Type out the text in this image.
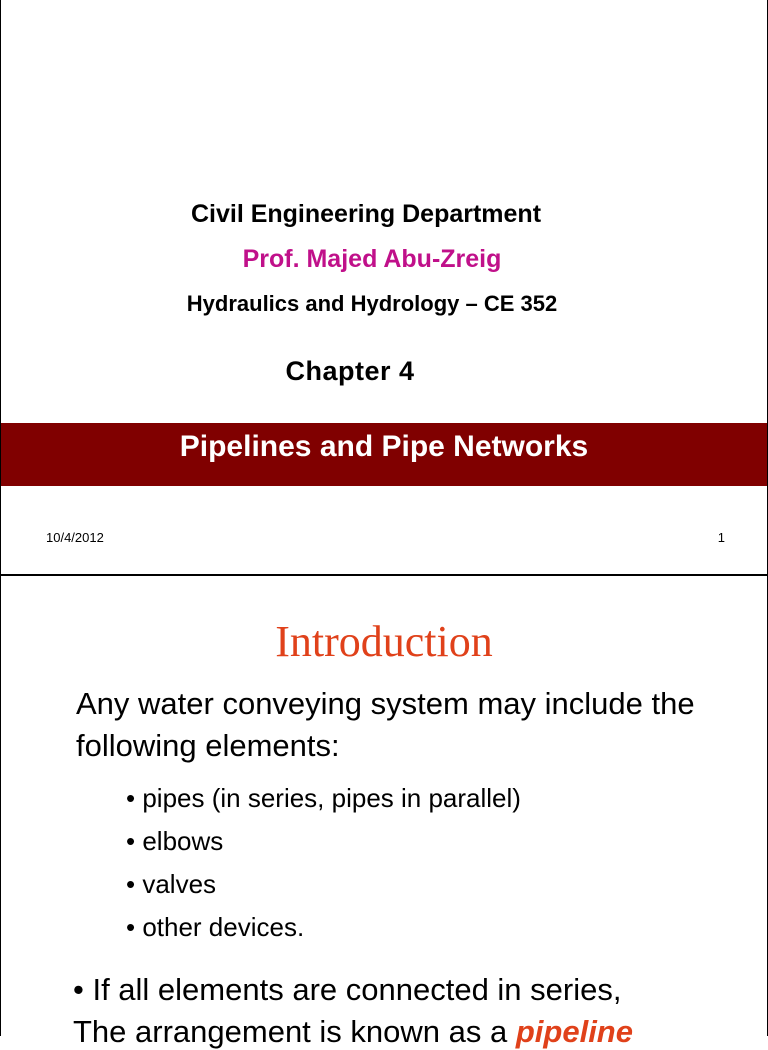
Civil Engineering Department
Prof. Majed Abu-Zreig
Hydraulics and Hydrology – CE 352
Chapter 4
Pipelines and Pipe Networks
10/4/2012	1
Introduction
Any water conveying system may include the following elements:
• pipes (in series, pipes in parallel)
• elbows
• valves
• other devices.
• If all elements are connected in series,
The arrangement is known as a pipeline
